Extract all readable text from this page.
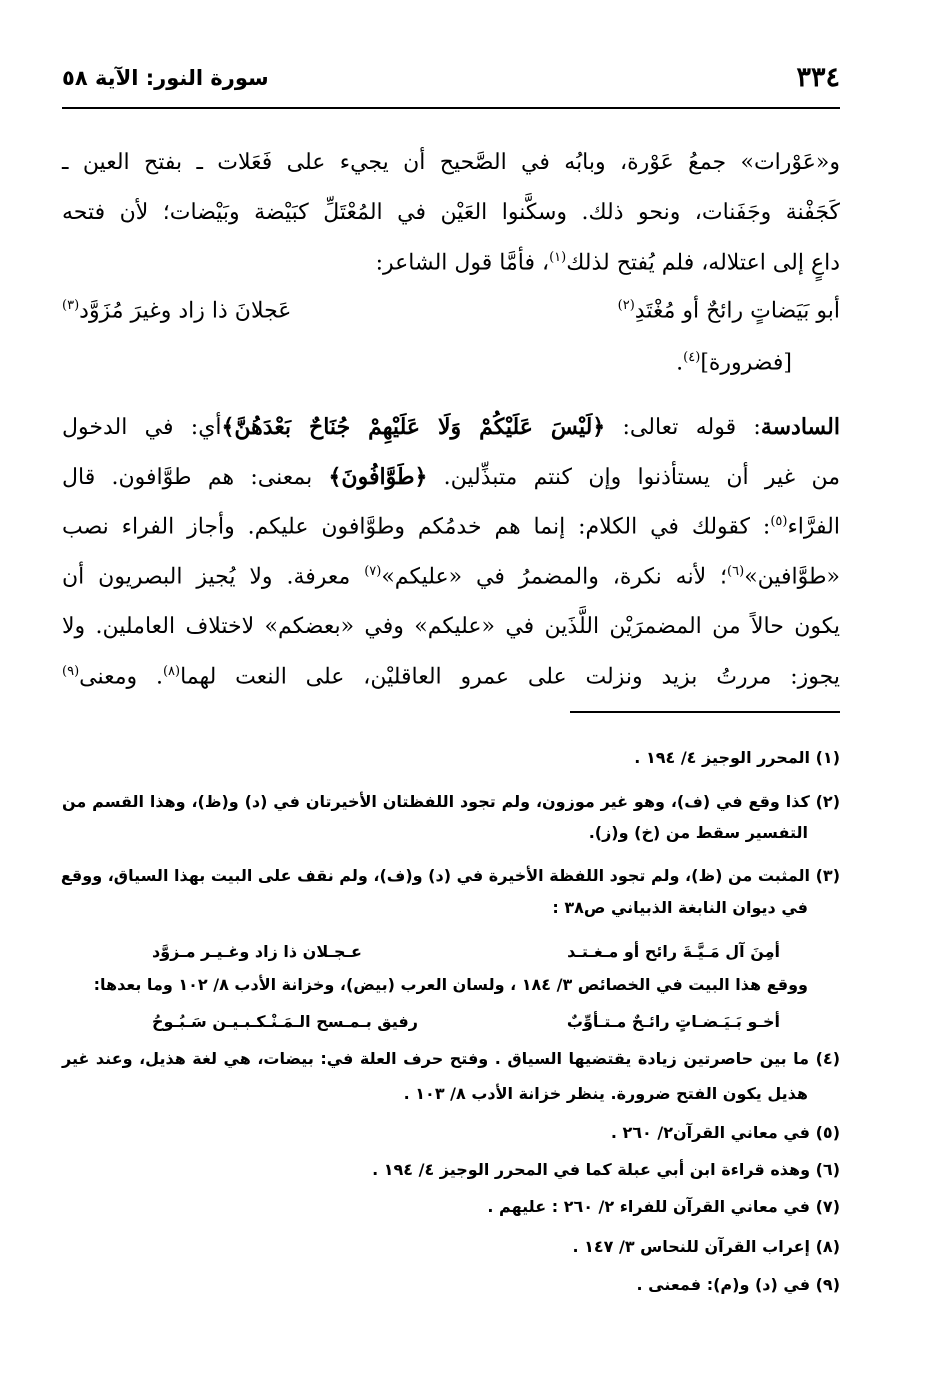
٣٣٤
سورة النور: الآية ٥٨
و«عَوْرات» جمعُ عَوْرة، وبابُه في الصَّحيح أن يجيء على فَعَلات ـ بفتح العين ـ
كَجَفْنة وجَفَنات، ونحو ذلك. وسكَّنوا العَيْن في المُعْتَلِّ كبَيْضة وبَيْضات؛ لأن فتحه
داعٍ إلى اعتلاله، فلم يُفتح لذلك$^{(١)}$، فأمَّا قول الشاعر:
أبو بَيَضاتٍ رائحٌ أو مُغْتَدِ$^{(٢)}$
عَجلانَ ذا زاد وغيرَ مُزَوَّد$^{(٣)}$
[فضرورة]$^{(٤)}$.
السادسة: قوله تعالى: ﴿لَيْسَ عَلَيْكُمْ وَلَا عَلَيْهِمْ جُنَاحٌ بَعْدَهُنَّ﴾أي: في الدخول
من غير أن يستأذنوا وإن كنتم متبذِّلين. ﴿طَوَّافُونَ﴾ بمعنى: هم طوَّافون. قال
الفرَّاء$^{(٥)}$: كقولك في الكلام: إنما هم خدمُكم وطوَّافون عليكم. وأجاز الفراء نصب
«طوَّافين»$^{(٦)}$؛ لأنه نكرة، والمضمرُ في «عليكم»$^{(٧)}$ معرفة. ولا يُجيز البصريون أن
يكون حالاً من المضمرَيْن اللَّذَين في «عليكم» وفي «بعضكم» لاختلاف العاملين. ولا
يجوز: مررتُ بزيد ونزلت على عمرو العاقليْن، على النعت لهما$^{(٨)}$. ومعنى$^{(٩)}$
(١) المحرر الوجيز ٤/ ١٩٤ .
(٢) كذا وقع في (ف)، وهو غير موزون، ولم تجود اللفظتان الأخيرتان في (د) و(ظ)، وهذا القسم من
التفسير سقط من (خ) و(ز).
(٣) المثبت من (ظ)، ولم تجود اللفظة الأخيرة في (د) و(ف)، ولم نقف على البيت بهذا السياق، ووقع
في ديوان النابغة الذبياني ص٣٨ :
أمِنَ آل مَـيَّـةَ رائح أو مـغـتـد
عـجـلان ذا زاد وغـيـر مـزوَّد
ووقع هذا البيت في الخصائص ٣/ ١٨٤ ، ولسان العرب (بيض)، وخزانة الأدب ٨/ ١٠٢ وما بعدها:
أخـو بَـيَـضـاتٍ رائـحٌ مـتـأوِّبٌ
رفيق بـمـسح الـمَـنْـكـبـيـن سَـبُـوحُ
(٤) ما بين حاصرتين زيادة يقتضيها السياق . وفتح حرف العلة في: بيضات، هي لغة هذيل، وعند غير
هذيل يكون الفتح ضرورة. ينظر خزانة الأدب ٨/ ١٠٣ .
(٥) في معاني القرآن٢/ ٢٦٠ .
(٦) وهذه قراءة ابن أبي عبلة كما في المحرر الوجيز ٤/ ١٩٤ .
(٧) في معاني القرآن للفراء ٢/ ٢٦٠ : عليهم .
(٨) إعراب القرآن للنحاس ٣/ ١٤٧ .
(٩) في (د) و(م): فمعنى .
